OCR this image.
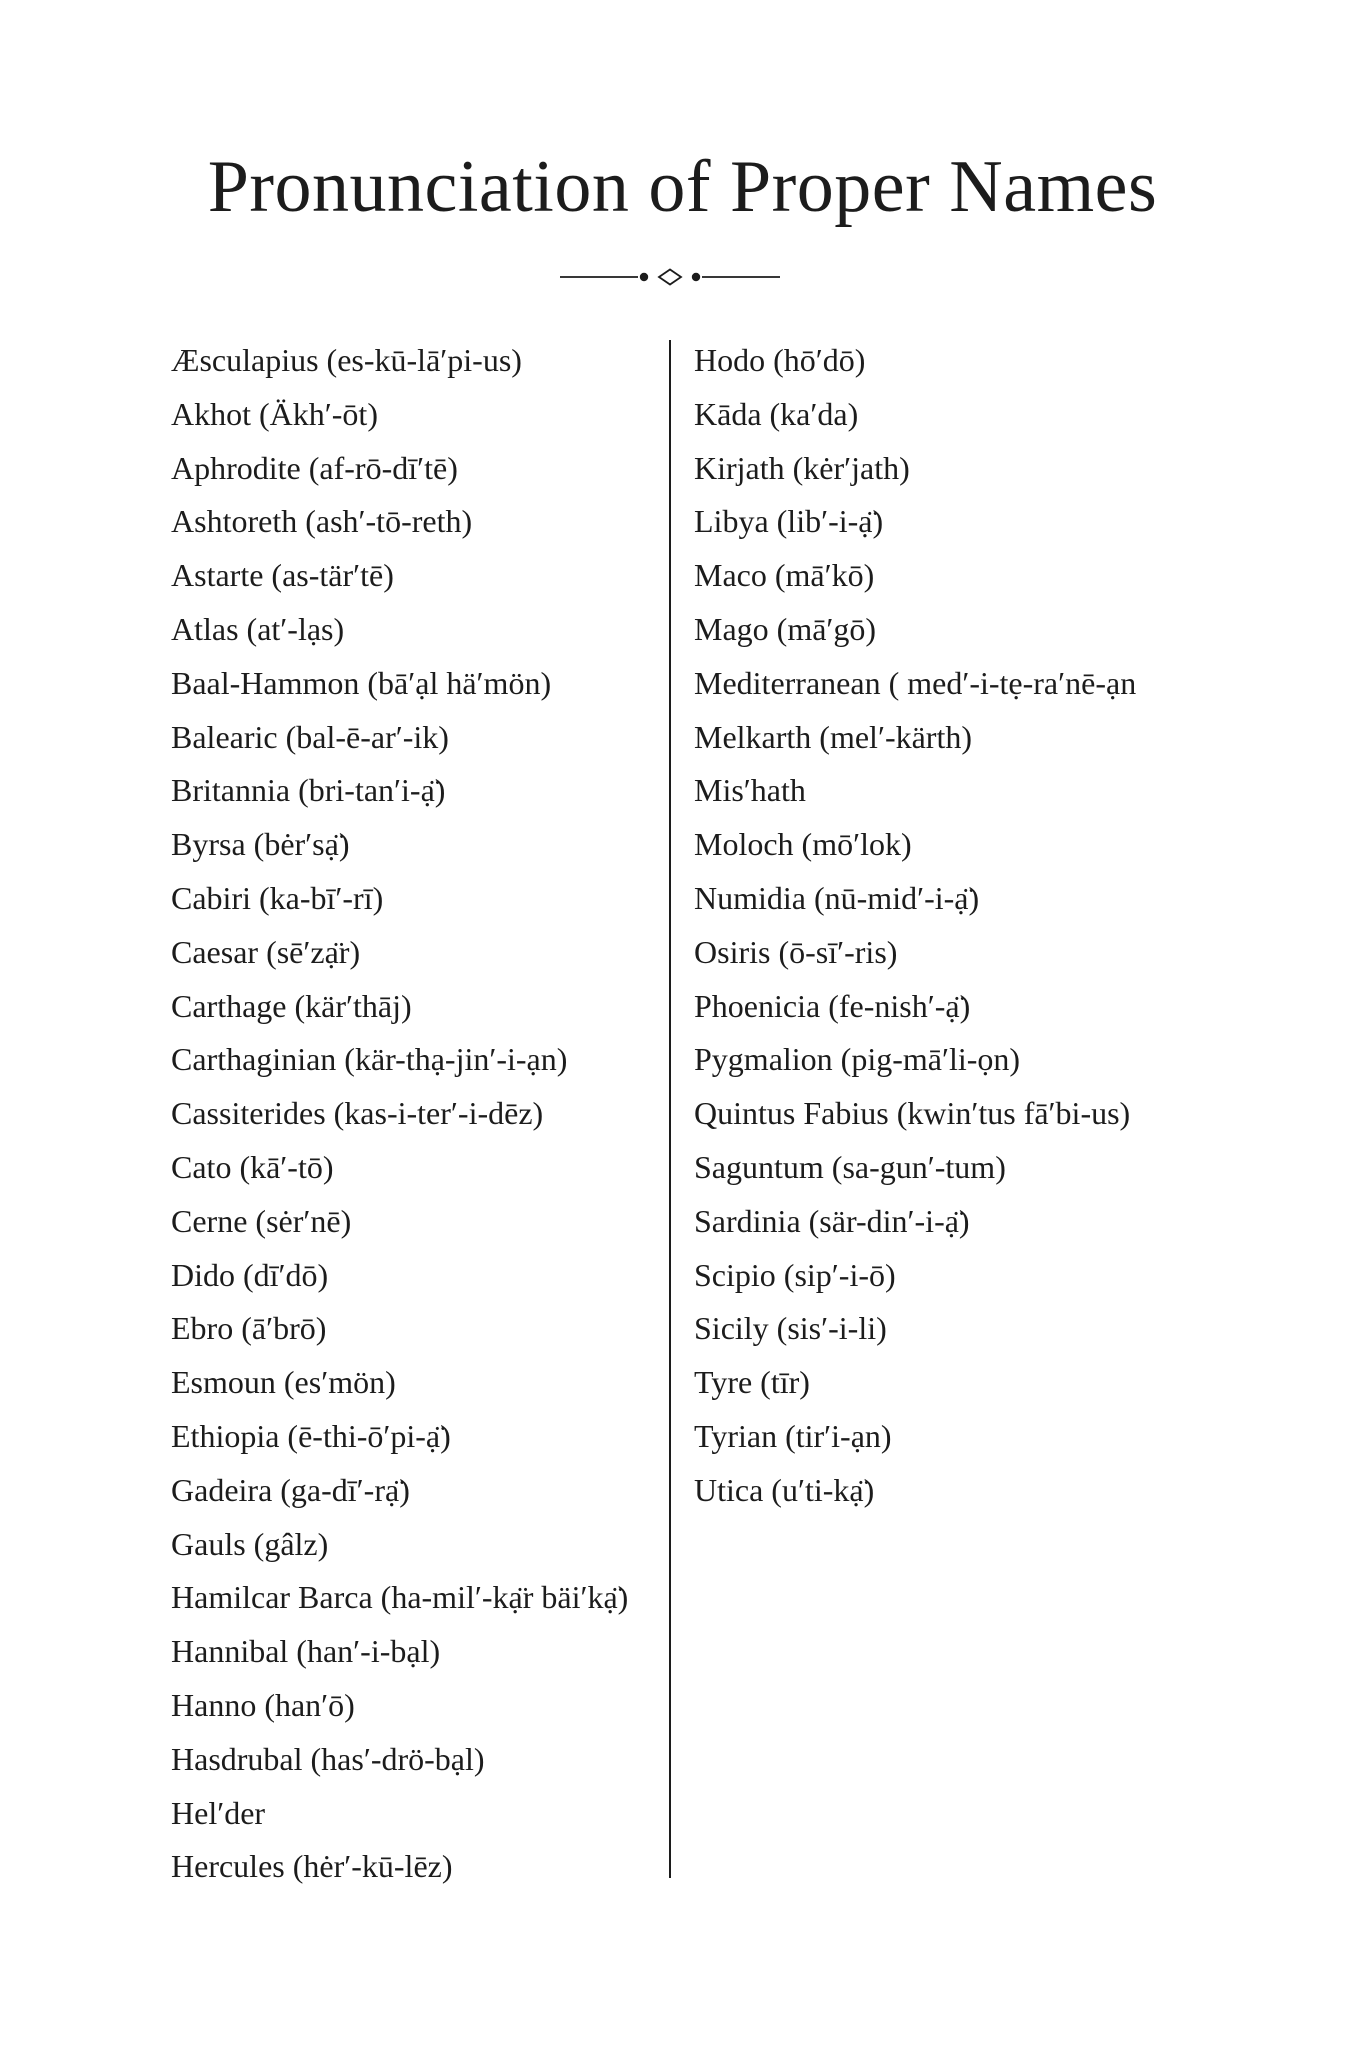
Pronunciation of Proper Names
Æsculapius (es-kū-lā′pi-us)
Akhot (Äkh′-ōt)
Aphrodite (af-rō-dī′tē)
Ashtoreth (ash′-tō-reth)
Astarte (as-tär′tē)
Atlas (at′-lạs)
Baal-Hammon (bā′ạl hä′mön)
Balearic (bal-ē-ar′-ik)
Britannia (bri-tan′i-ạ̈)
Byrsa (bėr′sạ̈)
Cabiri (ka-bī′-rī)
Caesar (sē′zạ̈r)
Carthage (kär′thāj)
Carthaginian (kär-thạ-jin′-i-ạn)
Cassiterides (kas-i-ter′-i-dēz)
Cato (kā′-tō)
Cerne (sėr′nē)
Dido (dī′dō)
Ebro (ā′brō)
Esmoun (es′mön)
Ethiopia (ē-thi-ō′pi-ạ̈)
Gadeira (ga-dī′-rạ̈)
Gauls (gâlz)
Hamilcar Barca (ha-mil′-kạ̈r bäi′kạ̈)
Hannibal (han′-i-bạl)
Hanno (han′ō)
Hasdrubal (has′-drö-bạl)
Hel′der
Hercules (hėr′-kū-lēz)
Hodo (hō′dō)
Kāda (ka′da)
Kirjath (kėr′jath)
Libya (lib′-i-ạ̈)
Maco (mā′kō)
Mago (mā′gō)
Mediterranean ( med′-i-tẹ-ra′nē-ạn
Melkarth (mel′-kärth)
Mis′hath
Moloch (mō′lok)
Numidia (nū-mid′-i-ạ̈)
Osiris (ō-sī′-ris)
Phoenicia (fe-nish′-ạ̈)
Pygmalion (pig-mā′li-ọn)
Quintus Fabius (kwin′tus fā′bi-us)
Saguntum (sa-gun′-tum)
Sardinia (sär-din′-i-ạ̈)
Scipio (sip′-i-ō)
Sicily (sis′-i-li)
Tyre (tīr)
Tyrian (tir′i-ạn)
Utica (u′ti-kạ̈)
